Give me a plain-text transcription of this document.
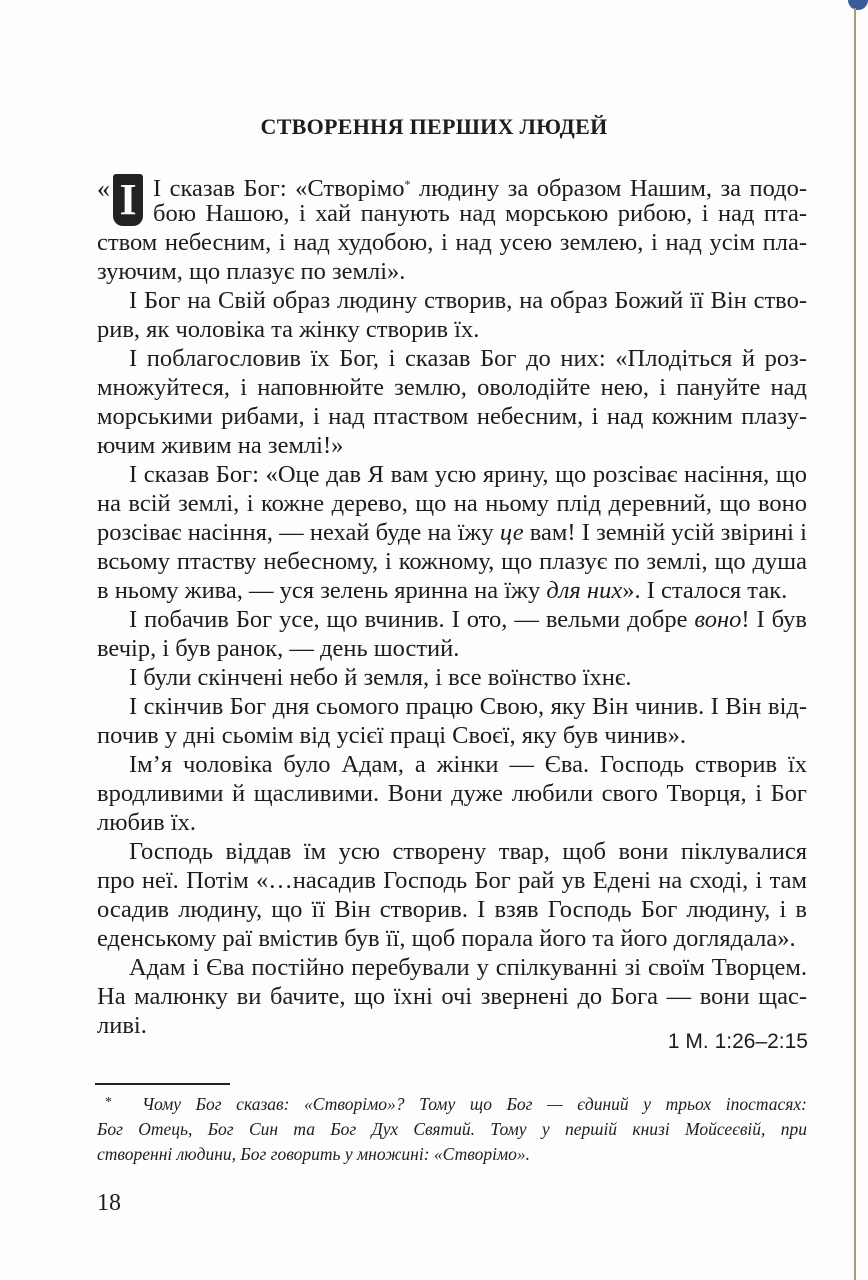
СТВОРЕННЯ ПЕРШИХ ЛЮДЕЙ
« І І сказав Бог: «Створімо* людину за образом Нашим, за подо-
бою Нашою, і хай панують над морською рибою, і над пта-
ством небесним, і над худобою, і над усею землею, і над усім пла-
зуючим, що плазує по землі».
І Бог на Свій образ людину створив, на образ Божий її Він ство-
рив, як чоловіка та жінку створив їх.
І поблагословив їх Бог, і сказав Бог до них: «Плодіться й роз-
множуйтеся, і наповнюйте землю, оволодійте нею, і пануйте над
морськими рибами, і над птаством небесним, і над кожним плазу-
ючим живим на землі!»
І сказав Бог: «Оце дав Я вам усю ярину, що розсіває насіння, що
на всій землі, і кожне дерево, що на ньому плід деревний, що воно
розсіває насіння, — нехай буде на їжу це вам! І земній усій звірині і
всьому птаству небесному, і кожному, що плазує по землі, що душа
в ньому жива, — уся зелень яринна на їжу для них». І сталося так.
І побачив Бог усе, що вчинив. І ото, — вельми добре воно! І був
вечір, і був ранок, — день шостий.
І були скінчені небо й земля, і все воїнство їхнє.
І скінчив Бог дня сьомого працю Свою, яку Він чинив. І Він від-
почив у дні сьомім від усієї праці Своєї, яку був чинив».
Ім’я чоловіка було Адам, а жінки — Єва. Господь створив їх
вродливими й щасливими. Вони дуже любили свого Творця, і Бог
любив їх.
Господь віддав їм усю створену твар, щоб вони піклувалися
про неї. Потім «…насадив Господь Бог рай ув Едені на сході, і там
осадив людину, що її Він створив. І взяв Господь Бог людину, і в
еденському раї вмістив був її, щоб порала його та його доглядала».
Адам і Єва постійно перебували у спілкуванні зі своїм Творцем.
На малюнку ви бачите, що їхні очі звернені до Бога — вони щас-
ливі.
1 М. 1:26–2:15
*	Чому Бог сказав: «Створімо»? Тому що Бог — єдиний у трьох іпостасях:
Бог Отець, Бог Син та Бог Дух Святий. Тому у першій книзі Мойсеєвій, при
створенні людини, Бог говорить у множині: «Створімо».
18
